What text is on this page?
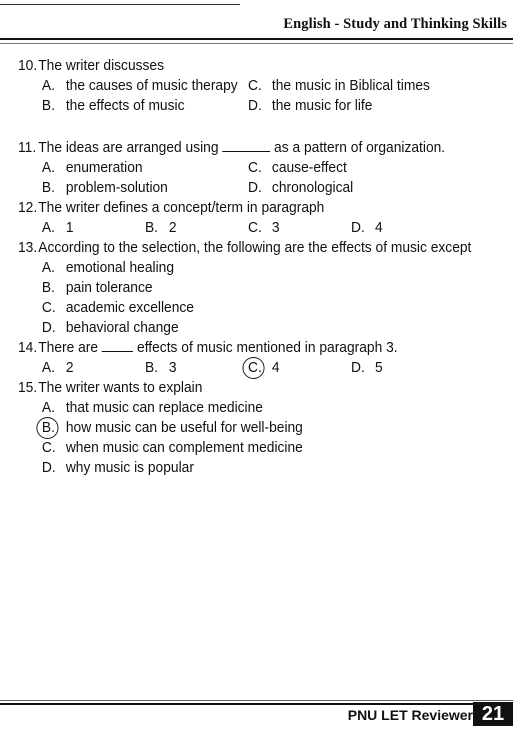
English - Study and Thinking Skills
10.The writer discusses
A. the causes of music therapy C. the music in Biblical times
B. the effects of music	D. the music for life
11. The ideas are arranged using	as a pattern of organization.
A. enumeration	C. cause-effect
B. problem-solution	D. chronological
12.The writer defines a concept/term in paragraph
A. 1	B. 2	C. 3	D. 4
13.According to the selection, the following are the effects of music except
A. emotional healing
B. pain tolerance
C. academic excellence
D. behavioral change
14.There are	effects of music mentioned in paragraph 3.
A. 2	B. 3	C. 4	D. 5
15.The writer wants to explain
A. that music can replace medicine
B. how music can be useful for well-being
C. when music can complement medicine
D. why music is popular
PNU LET Reviewer 21
